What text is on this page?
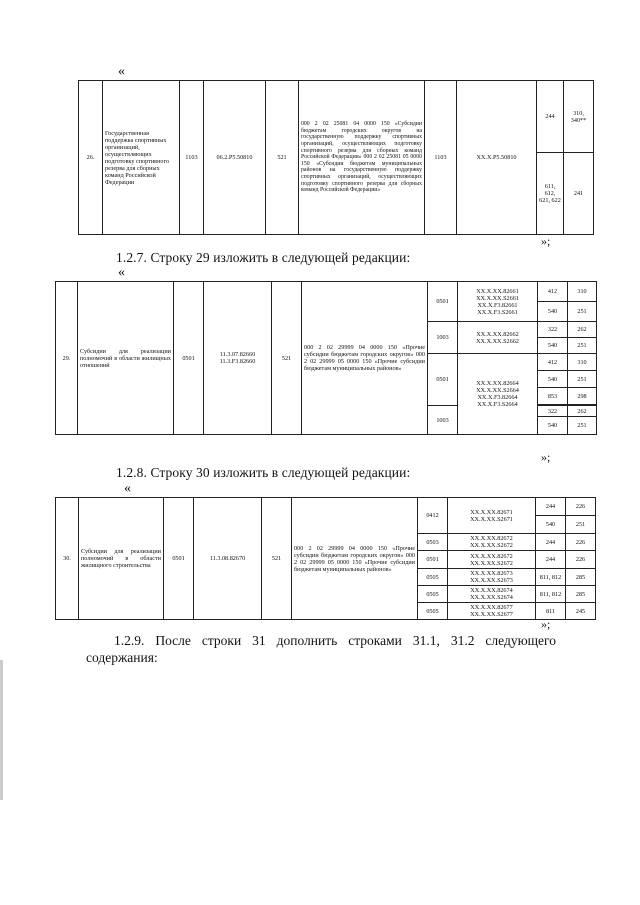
«
26.	Государственная поддержка спортивных организаций, осуществляющих подготовку спортивного резерва для сборных команд Российской Федерации	1103	06.2.P5.50810	521	000 2 02 25081 04 0000 150 «Субсидии бюджетам городских округов на государственную поддержку спортивных организаций, осуществляющих подготовку спортивного резерва для сборных команд Российской Федерации» 000 2 02 25081 05 0000 150 «Субсидии бюджетам муниципальных районов на государственную поддержку спортивных организаций, осуществляющих подготовку спортивного резерва для сборных команд Российской Федерации»	1103	XX.X.P5.50810	244	310, 340**
								611, 612, 621, 622	241
»;
1.2.7. Строку 29 изложить в следующей редакции:
«
29.	Субсидии для реализации полномочий в области жилищных отношений	0501	11.3.07.82660 11.3.F3.82660	521	000 2 02 29999 04 0000 150 «Прочие субсидии бюджетам городских округов» 000 2 02 29999 05 0000 150 «Прочие субсидии бюджетам муниципальных районов»	0501	XX.X.XX.82661 XX.X.XX.S2661 XX.X.F3.82661 XX.X.F3.S2661	412	310
								540	251
						1003	XX.X.XX.82662 XX.X.XX.S2662	322	262
								540	251
						0501	XX.X.XX.82664 XX.X.XX.S2664 XX.X.F3.82664 XX.X.F3.S2664	412	310
								540	251
								853	298

						1003		322	262
								540	251
»;
1.2.8. Строку 30 изложить в следующей редакции:
«
30.	Субсидии для реализации полномочий в области жилищного строительства	0501	11.3.08.82670	521	000 2 02 29999 04 0000 150 «Прочие субсидии бюджетам городских округов» 000 2 02 29999 05 0000 150 «Прочие субсидии бюджетам муниципальных районов»	0412	XX.X.XX.82671 XX.X.XX.S2671	244	226
								540	251
						0503	XX.X.XX.82672 XX.X.XX.S2672	244	226
						0501	XX.X.XX.82672 XX.X.XX.S2672	244	226
						0505	XX.X.XX.82673 XX.X.XX.S2673	811, 812	285
						0505	XX.X.XX.82674 XX.X.XX.S2674	811, 812	285
						0505	XX.X.XX.82677 XX.X.XX.S2677	811	245
»;
1.2.9. После строки 31 дополнить строками 31.1, 31.2 следующего
содержания:
